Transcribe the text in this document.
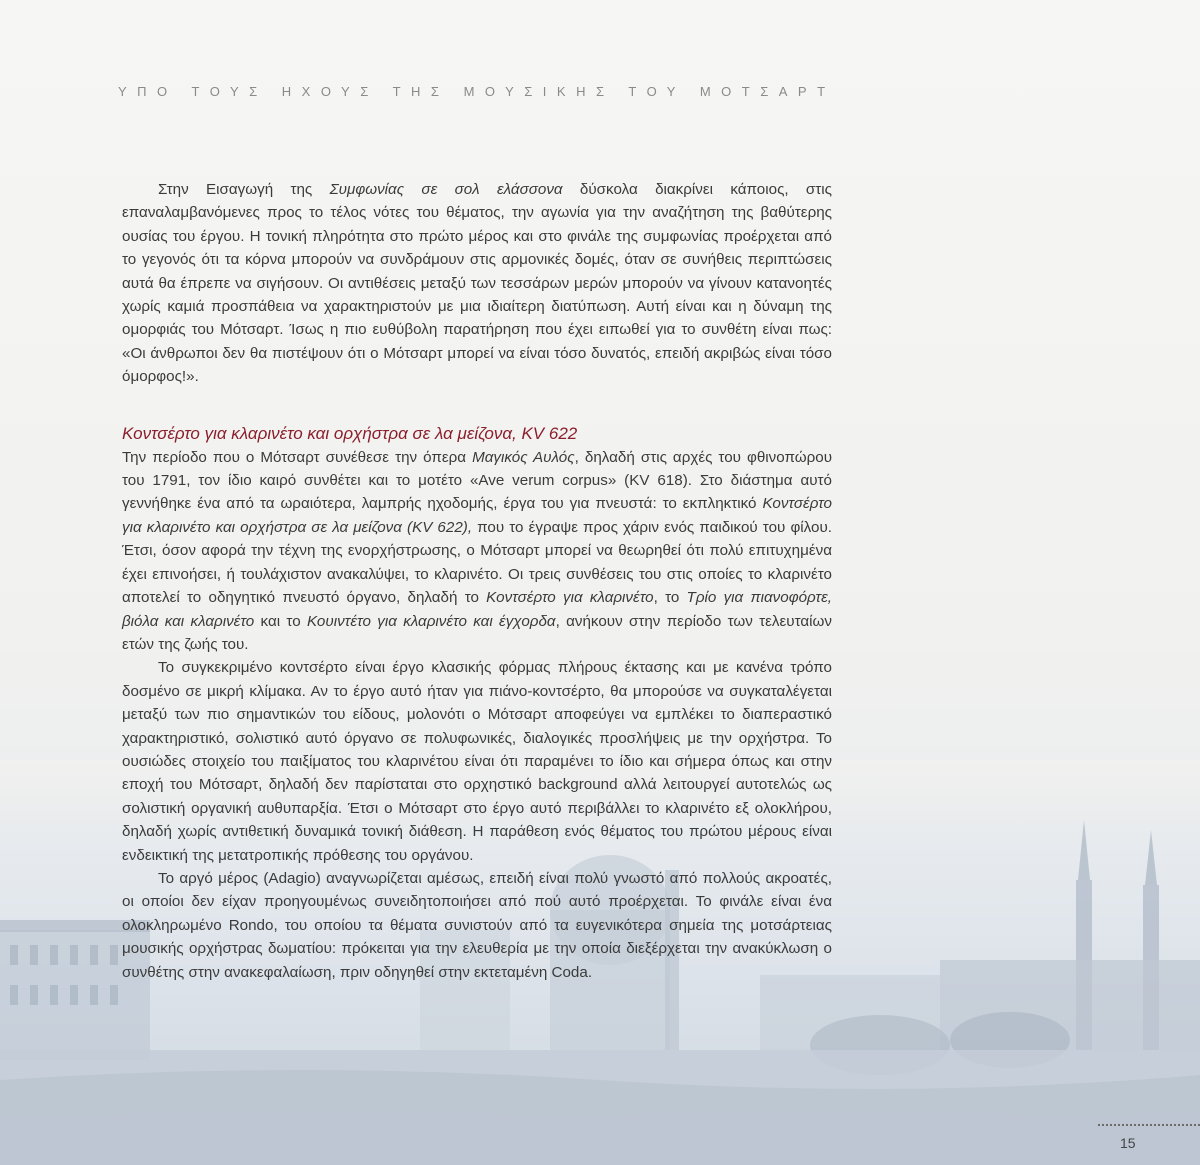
ΥΠΟ ΤΟΥΣ ΗΧΟΥΣ ΤΗΣ ΜΟΥΣΙΚΗΣ ΤΟΥ ΜΟΤΣΑΡΤ

Στην Εισαγωγή της Συμφωνίας σε σολ ελάσσονα δύσκολα διακρίνει κάποιος, στις επαναλαμβανόμενες προς το τέλος νότες του θέματος, την αγωνία για την αναζήτηση της βαθύτερης ουσίας του έργου. Η τονική πληρότητα στο πρώτο μέρος και στο φινάλε της συμφωνίας προέρχεται από το γεγονός ότι τα κόρνα μπορούν να συνδράμουν στις αρμονικές δομές, όταν σε συνήθεις περιπτώσεις αυτά θα έπρεπε να σιγήσουν. Οι αντιθέσεις μεταξύ των τεσσάρων μερών μπορούν να γίνουν κατανοητές χωρίς καμιά προσπάθεια να χαρακτηριστούν με μια ιδιαίτερη διατύπωση. Αυτή είναι και η δύναμη της ομορφιάς του Μότσαρτ. Ίσως η πιο ευθύβολη παρατήρηση που έχει ειπωθεί για το συνθέτη είναι πως: «Οι άνθρωποι δεν θα πιστέψουν ότι ο Μότσαρτ μπορεί να είναι τόσο δυνατός, επειδή ακριβώς είναι τόσο όμορφος!».

Κοντσέρτο για κλαρινέτο και ορχήστρα σε λα μείζονα, KV 622

Την περίοδο που ο Μότσαρτ συνέθεσε την όπερα Μαγικός Αυλός, δηλαδή στις αρχές του φθινοπώρου του 1791, τον ίδιο καιρό συνθέτει και το μοτέτο «Ave verum corpus» (KV 618). Στο διάστημα αυτό γεννήθηκε ένα από τα ωραιότερα, λαμπρής ηχοδομής, έργα του για πνευστά: το εκπληκτικό Κοντσέρτο για κλαρινέτο και ορχήστρα σε λα μείζονα (KV 622), που το έγραψε προς χάριν ενός παιδικού του φίλου. Έτσι, όσον αφορά την τέχνη της ενορχήστρωσης, ο Μότσαρτ μπορεί να θεωρηθεί ότι πολύ επιτυχημένα έχει επινοήσει, ή τουλάχιστον ανακαλύψει, το κλαρινέτο. Οι τρεις συνθέσεις του στις οποίες το κλαρινέτο αποτελεί το οδηγητικό πνευστό όργανο, δηλαδή το Κοντσέρτο για κλαρινέτο, το Τρίο για πιανοφόρτε, βιόλα και κλαρινέτο και το Κουιντέτο για κλαρινέτο και έγχορδα, ανήκουν στην περίοδο των τελευταίων ετών της ζωής του.

Το συγκεκριμένο κοντσέρτο είναι έργο κλασικής φόρμας πλήρους έκτασης και με κανένα τρόπο δοσμένο σε μικρή κλίμακα. Αν το έργο αυτό ήταν για πιάνο-κοντσέρτο, θα μπορούσε να συγκαταλέγεται μεταξύ των πιο σημαντικών του είδους, μολονότι ο Μότσαρτ αποφεύγει να εμπλέκει το διαπεραστικό χαρακτηριστικό, σολιστικό αυτό όργανο σε πολυφωνικές, διαλογικές προσλήψεις με την ορχήστρα. Το ουσιώδες στοιχείο του παιξίματος του κλαρινέτου είναι ότι παραμένει το ίδιο και σήμερα όπως και στην εποχή του Μότσαρτ, δηλαδή δεν παρίσταται στο ορχηστικό background αλλά λειτουργεί αυτοτελώς ως σολιστική οργανική αυθυπαρξία. Έτσι ο Μότσαρτ στο έργο αυτό περιβάλλει το κλαρινέτο εξ ολοκλήρου, δηλαδή χωρίς αντιθετική δυναμικά τονική διάθεση. Η παράθεση ενός θέματος του πρώτου μέρους είναι ενδεικτική της μετατροπικής πρόθεσης του οργάνου.

Το αργό μέρος (Adagio) αναγνωρίζεται αμέσως, επειδή είναι πολύ γνωστό από πολλούς ακροατές, οι οποίοι δεν είχαν προηγουμένως συνειδητοποιήσει από πού αυτό προέρχεται. Το φινάλε είναι ένα ολοκληρωμένο Rondo, του οποίου τα θέματα συνιστούν από τα ευγενικότερα σημεία της μοτσάρτειας μουσικής ορχήστρας δωματίου: πρόκειται για την ελευθερία με την οποία διεξέρχεται την ανακύκλωση ο συνθέτης στην ανακεφαλαίωση, πριν οδηγηθεί στην εκτεταμένη Coda.

15
